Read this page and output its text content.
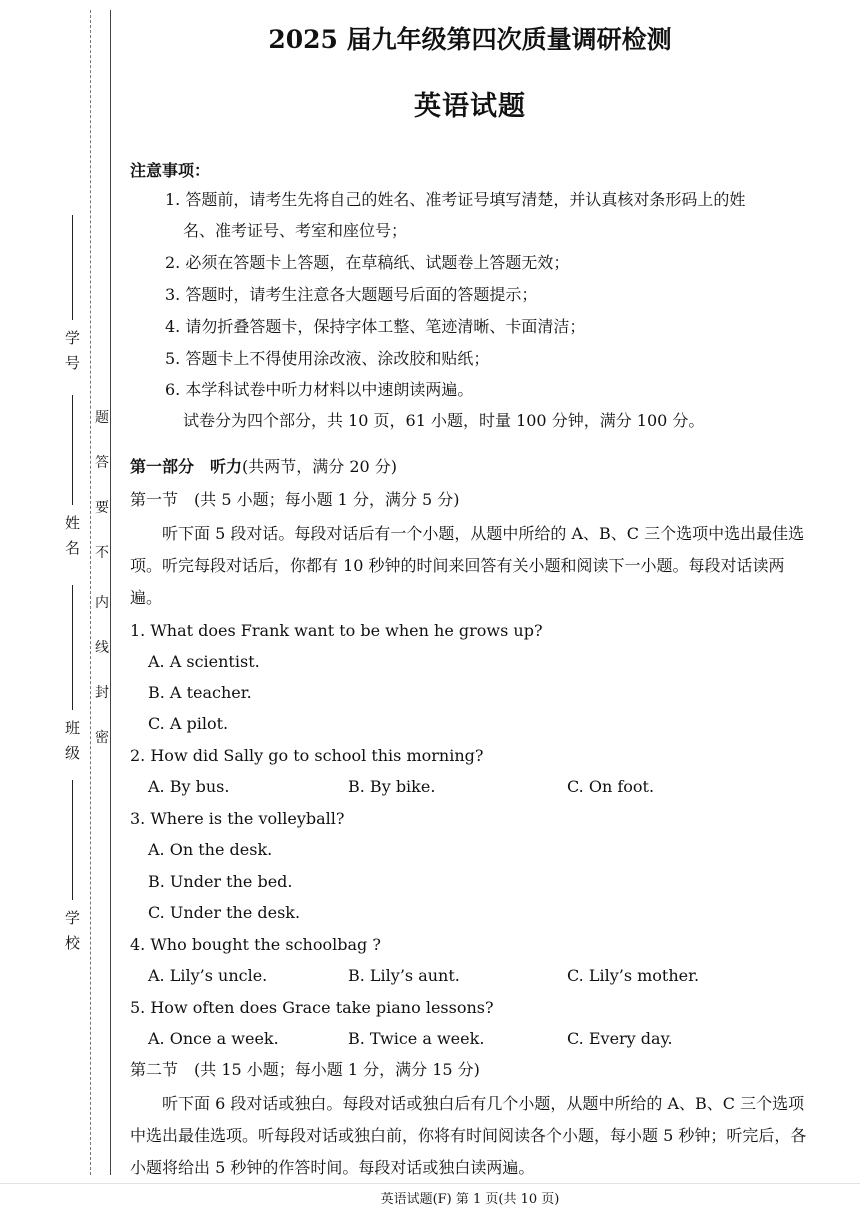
学号
姓名
班级
学校
题
答
要
不
内
线
封
密
2025 届九年级第四次质量调研检测
英语试题
注意事项：
1. 答题前，请考生先将自己的姓名、准考证号填写清楚，并认真核对条形码上的姓
名、准考证号、考室和座位号；
2. 必须在答题卡上答题，在草稿纸、试题卷上答题无效；
3. 答题时，请考生注意各大题题号后面的答题提示；
4. 请勿折叠答题卡，保持字体工整、笔迹清晰、卡面清洁；
5. 答题卡上不得使用涂改液、涂改胶和贴纸；
6. 本学科试卷中听力材料以中速朗读两遍。
试卷分为四个部分，共 10 页，61 小题，时量 100 分钟，满分 100 分。
第一部分　听力(共两节，满分 20 分)
第一节　(共 5 小题；每小题 1 分，满分 5 分)
听下面 5 段对话。每段对话后有一个小题，从题中所给的 A、B、C 三个选项中选出最佳选项。听完每段对话后，你都有 10 秒钟的时间来回答有关小题和阅读下一小题。每段对话读两遍。
1. What does Frank want to be when he grows up?
A. A scientist.
B. A teacher.
C. A pilot.
2. How did Sally go to school this morning?
A. By bus.	B. By bike.	C. On foot.
3. Where is the volleyball?
A. On the desk.
B. Under the bed.
C. Under the desk.
4. Who bought the schoolbag ?
A. Lily’s uncle.	B. Lily’s aunt.	C. Lily’s mother.
5. How often does Grace take piano lessons?
A. Once a week.	B. Twice a week.	C. Every day.
第二节　(共 15 小题；每小题 1 分，满分 15 分)
听下面 6 段对话或独白。每段对话或独白后有几个小题，从题中所给的 A、B、C 三个选项中选出最佳选项。听每段对话或独白前，你将有时间阅读各个小题，每小题 5 秒钟；听完后，各小题将给出 5 秒钟的作答时间。每段对话或独白读两遍。
英语试题(F) 第 1 页(共 10 页)
